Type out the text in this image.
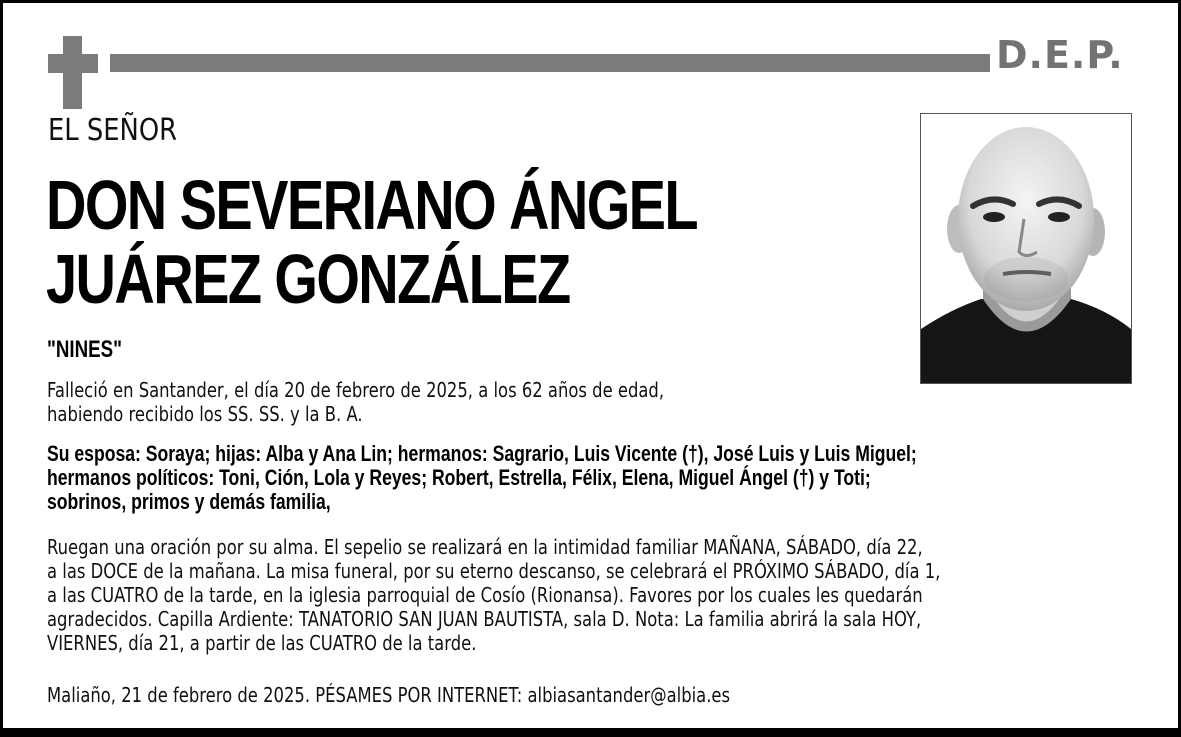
D.E.P.
EL SEÑOR
DON SEVERIANO ÁNGEL
JUÁREZ GONZÁLEZ
"NINES"
Falleció en Santander, el día 20 de febrero de 2025, a los 62 años de edad,
habiendo recibido los SS. SS. y la B. A.
Su esposa: Soraya; hijas: Alba y Ana Lin; hermanos: Sagrario, Luis Vicente (†), José Luis y Luis Miguel;
hermanos políticos: Toni, Ción, Lola y Reyes; Robert, Estrella, Félix, Elena, Miguel Ángel (†) y Toti;
sobrinos, primos y demás familia,
Ruegan una oración por su alma. El sepelio se realizará en la intimidad familiar MAÑANA, SÁBADO, día 22,
a las DOCE de la mañana. La misa funeral, por su eterno descanso, se celebrará el PRÓXIMO SÁBADO, día 1,
a las CUATRO de la tarde, en la iglesia parroquial de Cosío (Rionansa). Favores por los cuales les quedarán
agradecidos. Capilla Ardiente: TANATORIO SAN JUAN BAUTISTA, sala D. Nota: La familia abrirá la sala HOY,
VIERNES, día 21, a partir de las CUATRO de la tarde.
Maliaño, 21 de febrero de 2025. PÉSAMES POR INTERNET: albiasantander@albia.es
